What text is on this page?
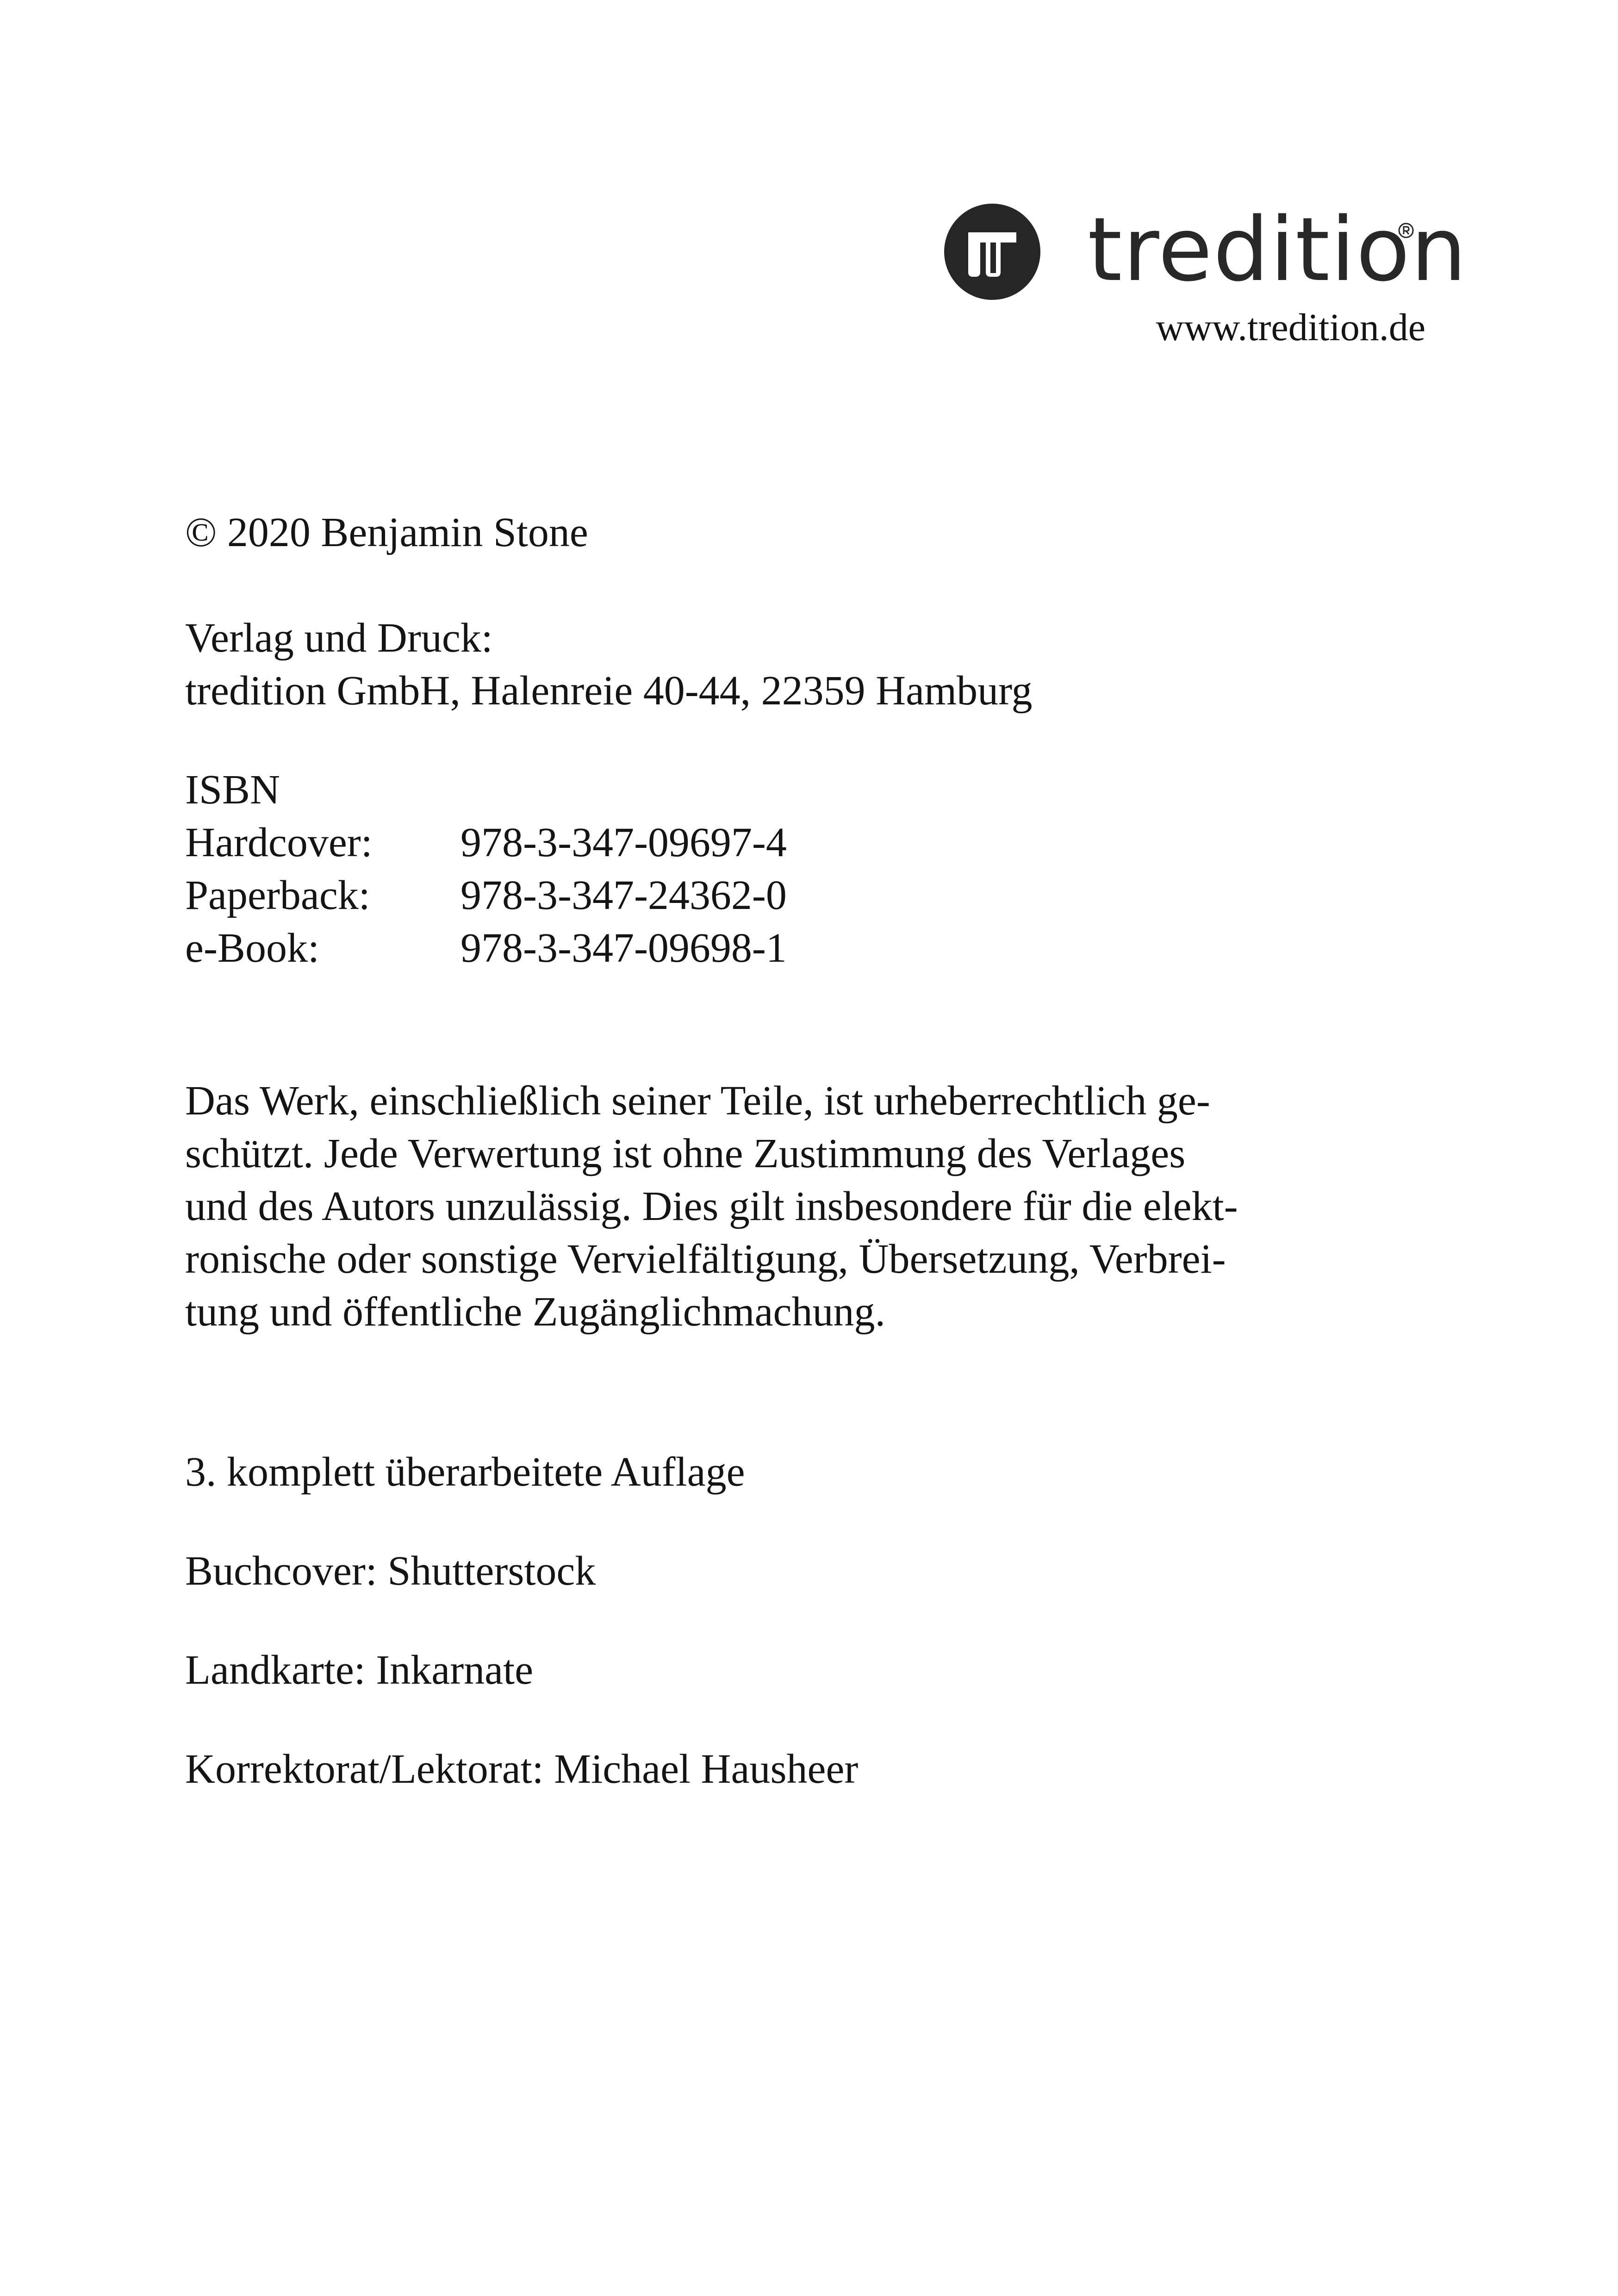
tredition
www.tredition.de
© 2020 Benjamin Stone
Verlag und Druck:
tredition GmbH, Halenreie 40-44, 22359 Hamburg
ISBN
Hardcover:	978-3-347-09697-4
Paperback:	978-3-347-24362-0
e-Book:	978-3-347-09698-1
Das Werk, einschließlich seiner Teile, ist urheberrechtlich ge-
schützt. Jede Verwertung ist ohne Zustimmung des Verlages
und des Autors unzulässig. Dies gilt insbesondere für die elekt-
ronische oder sonstige Vervielfältigung, Übersetzung, Verbrei-
tung und öffentliche Zugänglichmachung.
3. komplett überarbeitete Auflage
Buchcover: Shutterstock
Landkarte: Inkarnate
Korrektorat/Lektorat: Michael Hausheer
